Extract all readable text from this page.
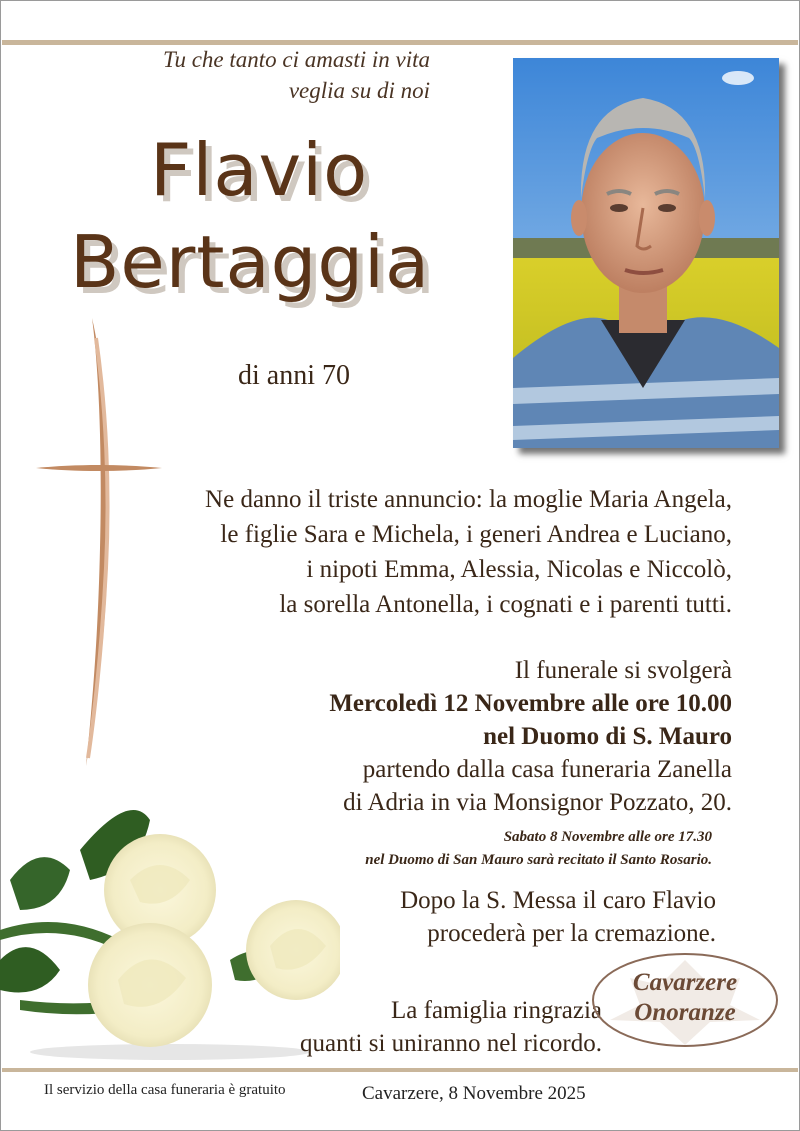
Tu che tanto ci amasti in vita
veglia su di noi
Flavio
Bertaggia
di anni 70
Ne danno il triste annuncio: la moglie Maria Angela,
le figlie Sara e Michela, i generi Andrea e Luciano,
i nipoti Emma, Alessia, Nicolas e Niccolò,
la sorella Antonella, i cognati e i parenti tutti.
Il funerale si svolgerà
Mercoledì 12 Novembre alle ore 10.00
nel Duomo di S. Mauro
partendo dalla casa funeraria Zanella
di Adria in via Monsignor Pozzato, 20.
Sabato 8 Novembre alle ore 17.30
nel Duomo di San Mauro sarà recitato il Santo Rosario.
Dopo la S. Messa il caro Flavio
procederà per la cremazione.
La famiglia ringrazia
quanti si uniranno nel ricordo.
Cavarzere
Onoranze
Il servizio della casa funeraria è gratuito	Cavarzere, 8 Novembre 2025
